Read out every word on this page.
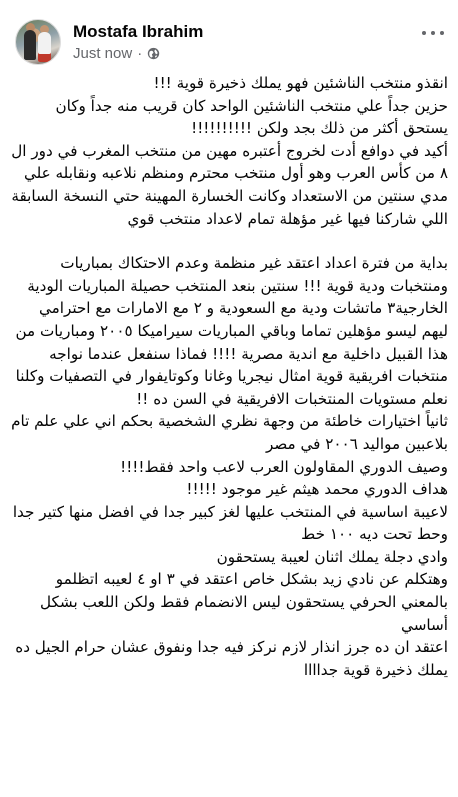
Mostafa Ibrahim
Just now ·

انقذو منتخب الناشئين فهو يملك ذخيرة قوية !!!
حزين جداً علي منتخب الناشئين الواحد كان قريب منه جداً وكان يستحق أكثر من ذلك بجد ولكن !!!!!!!!!!
أكيد في دوافع أدت لخروج أعتبره مهين من منتخب المغرب في دور ال ٨ من كأس العرب وهو أول منتخب محترم ومنظم نلاعبه ونقابله علي مدي سنتين من الاستعداد وكانت الخسارة المهينة حتي النسخة السابقة اللي شاركنا فيها غير مؤهلة تمام لاعداد منتخب قوي

بداية من فترة اعداد اعتقد غير منظمة وعدم الاحتكاك بمباريات ومنتخبات ودية قوية !!! سنتين بنعد المنتخب حصيلة المباريات الودية الخارجية٣ ماتشات ودية مع السعودية و ٢ مع الامارات مع احترامي ليهم ليسو مؤهلين تماما وباقي المباريات سيراميكا ٢٠٠٥ ومباريات من هذا القبيل داخلية مع اندية مصرية !!!! فماذا سنفعل عندما نواجه منتخبات افريقية قوية امثال نيجريا وغانا وكوتايفوار في التصفيات وكلنا نعلم مستويات المنتخبات الافريقية في السن ده !!
ثانياً اختيارات خاطئة من وجهة نظري الشخصية بحكم اني علي علم تام بلاعبين مواليد ٢٠٠٦ في مصر
وصيف الدوري المقاولون العرب لاعب واحد فقط!!!!
هداف الدوري محمد هيثم غير موجود !!!!!
لاعيبة اساسية في المنتخب عليها لغز كبير جدا في افضل منها كتير جدا وحط تحت ديه ١٠٠ خط
وادي دجلة يملك اثنان لعيبة يستحقون
وهتكلم عن نادي زيد بشكل خاص اعتقد في ٣ او ٤ لعيبه اتظلمو بالمعني الحرفي يستحقون ليس الانضمام فقط ولكن اللعب بشكل أساسي
اعتقد ان ده جرز انذار لازم نركز فيه جدا ونفوق عشان حرام الجيل ده
يملك ذخيرة قوية جداااا
